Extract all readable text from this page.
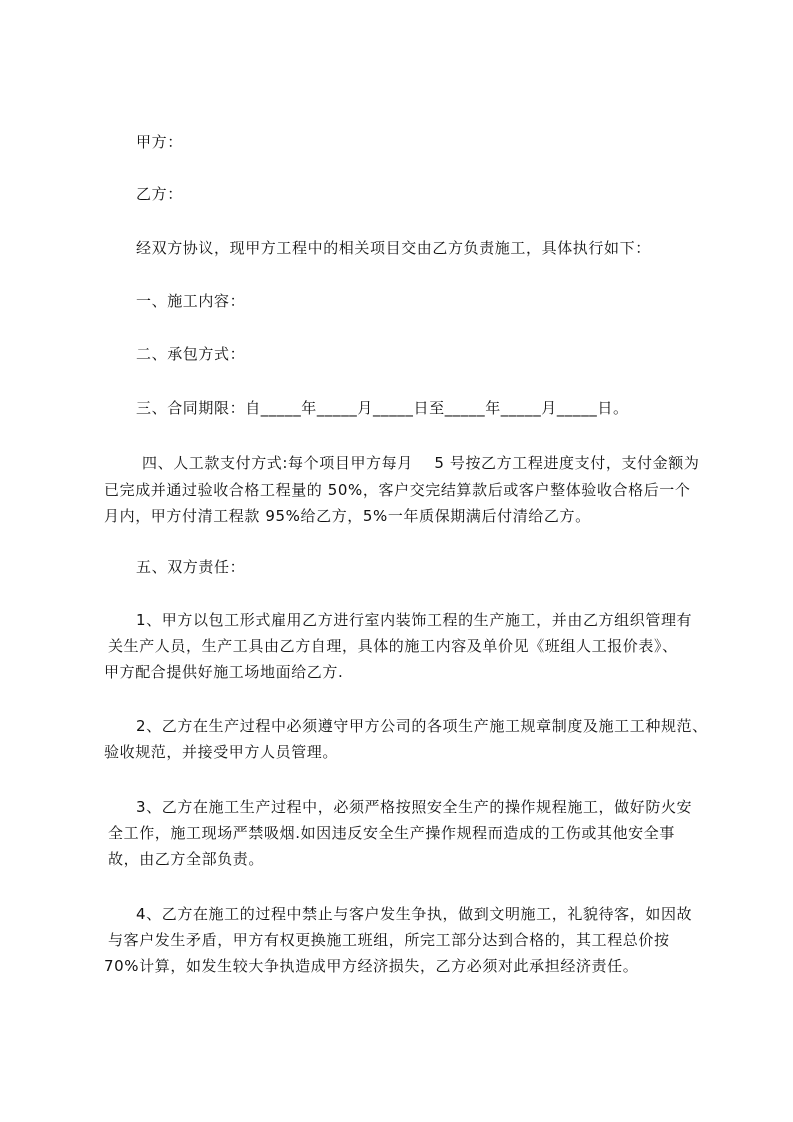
甲方：
乙方：
经双方协议，现甲方工程中的相关项目交由乙方负责施工，具体执行如下：
一、施工内容：
二、承包方式：
三、合同期限：自_____年_____月_____日至_____年_____月_____日。
四、人工款支付方式:每个项目甲方每月    5 号按乙方工程进度支付，支付金额为
已完成并通过验收合格工程量的 50%，客户交完结算款后或客户整体验收合格后一个
月内，甲方付清工程款 95%给乙方，5%一年质保期满后付清给乙方。
五、双方责任：
1、甲方以包工形式雇用乙方进行室内装饰工程的生产施工，并由乙方组织管理有
关生产人员，生产工具由乙方自理，具体的施工内容及单价见《班组人工报价表》、
甲方配合提供好施工场地面给乙方.
2、乙方在生产过程中必须遵守甲方公司的各项生产施工规章制度及施工工种规范、
验收规范，并接受甲方人员管理。
3、乙方在施工生产过程中，必须严格按照安全生产的操作规程施工，做好防火安
全工作，施工现场严禁吸烟.如因违反安全生产操作规程而造成的工伤或其他安全事
故，由乙方全部负责。
4、乙方在施工的过程中禁止与客户发生争执，做到文明施工，礼貌待客，如因故
与客户发生矛盾，甲方有权更换施工班组，所完工部分达到合格的，其工程总价按
70%计算，如发生较大争执造成甲方经济损失，乙方必须对此承担经济责任。
